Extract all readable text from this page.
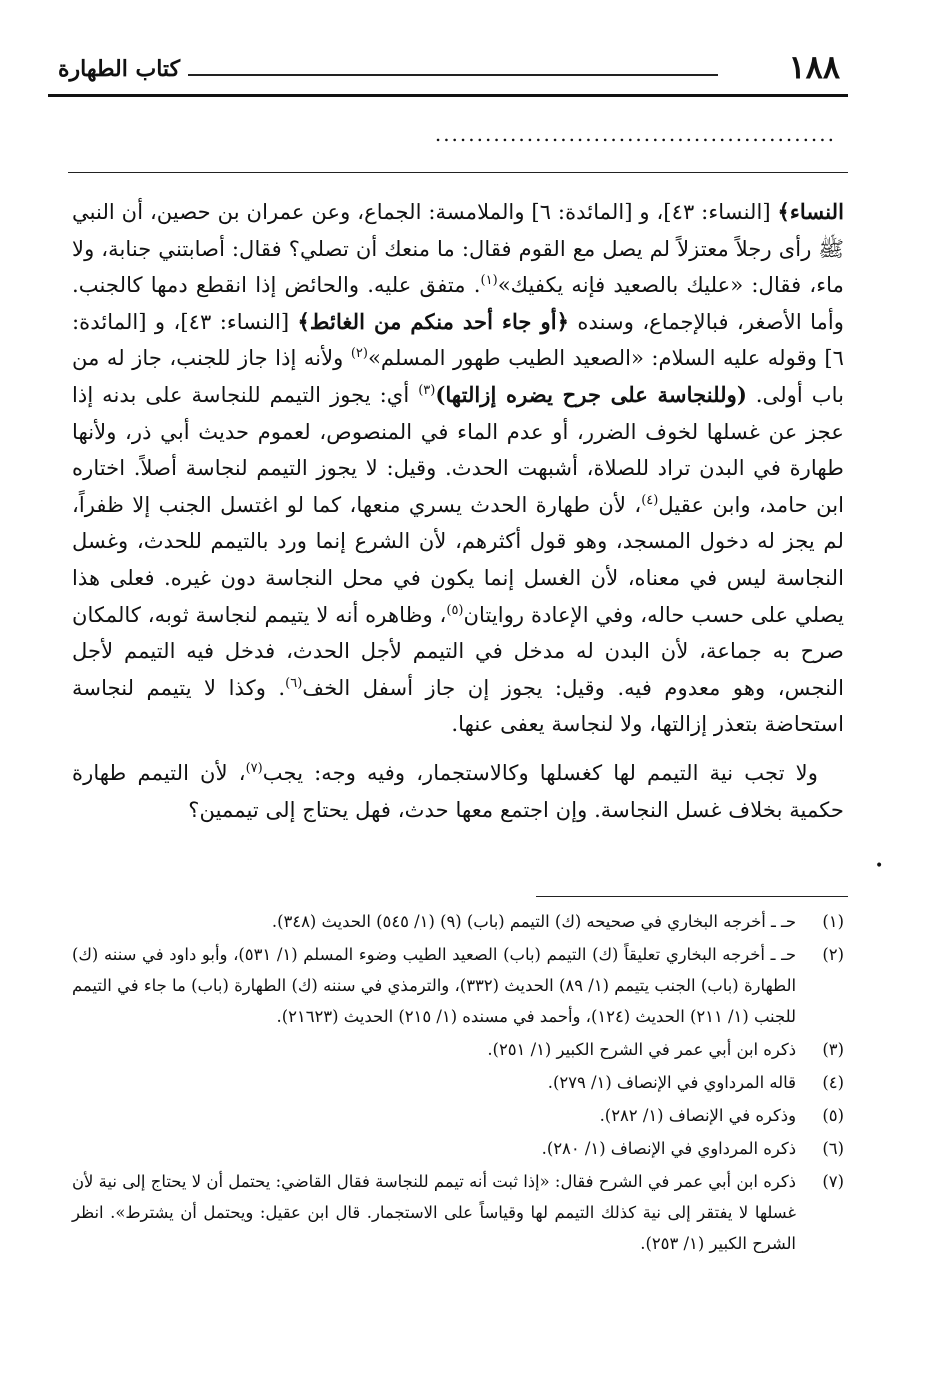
كتاب الطهارة	١٨٨
................................................

النساء﴾ [النساء: ٤٣]، و [المائدة: ٦] والملامسة: الجماع، وعن عمران بن حصين، أن النبي ﷺ رأى رجلاً معتزلاً لم يصل مع القوم فقال: ما منعك أن تصلي؟ فقال: أصابتني جنابة، ولا ماء، فقال: «عليك بالصعيد فإنه يكفيك»$^{(١)}$. متفق عليه. والحائض إذا انقطع دمها كالجنب. وأما الأصغر، فبالإجماع، وسنده ﴿أو جاء أحد منكم من الغائط﴾ [النساء: ٤٣]، و [المائدة: ٦] وقوله عليه السلام: «الصعيد الطيب طهور المسلم»$^{(٢)}$ ولأنه إذا جاز للجنب، جاز له من باب أولى. (وللنجاسة على جرح يضره إزالتها)$^{(٣)}$ أي: يجوز التيمم للنجاسة على بدنه إذا عجز عن غسلها لخوف الضرر، أو عدم الماء في المنصوص، لعموم حديث أبي ذر، ولأنها طهارة في البدن تراد للصلاة، أشبهت الحدث. وقيل: لا يجوز التيمم لنجاسة أصلاً. اختاره ابن حامد، وابن عقيل$^{(٤)}$، لأن طهارة الحدث يسري منعها، كما لو اغتسل الجنب إلا ظفراً، لم يجز له دخول المسجد، وهو قول أكثرهم، لأن الشرع إنما ورد بالتيمم للحدث، وغسل النجاسة ليس في معناه، لأن الغسل إنما يكون في محل النجاسة دون غيره. فعلى هذا يصلي على حسب حاله، وفي الإعادة روايتان$^{(٥)}$، وظاهره أنه لا يتيمم لنجاسة ثوبه، كالمكان صرح به جماعة، لأن البدن له مدخل في التيمم لأجل الحدث، فدخل فيه التيمم لأجل النجس، وهو معدوم فيه. وقيل: يجوز إن جاز أسفل الخف$^{(٦)}$. وكذا لا يتيمم لنجاسة استحاضة بتعذر إزالتها، ولا لنجاسة يعفى عنها.

ولا تجب نية التيمم لها كغسلها وكالاستجمار، وفيه وجه: يجب$^{(٧)}$، لأن التيمم طهارة حكمية بخلاف غسل النجاسة. وإن اجتمع معها حدث، فهل يحتاج إلى تيممين؟

•
(١)
حـ ـ أخرجه البخاري في صحيحه (ك) التيمم (باب) (٩) (١/ ٥٤٥) الحديث (٣٤٨).
(٢)
حـ ـ أخرجه البخاري تعليقاً (ك) التيمم (باب) الصعيد الطيب وضوء المسلم (١/ ٥٣١)، وأبو داود في سننه (ك) الطهارة (باب) الجنب يتيمم (١/ ٨٩) الحديث (٣٣٢)، والترمذي في سننه (ك) الطهارة (باب) ما جاء في التيمم للجنب (١/ ٢١١) الحديث (١٢٤)، وأحمد في مسنده (١/ ٢١٥) الحديث (٢١٦٢٣).
(٣)
ذكره ابن أبي عمر في الشرح الكبير (١/ ٢٥١).
(٤)
قاله المرداوي في الإنصاف (١/ ٢٧٩).
(٥)
وذكره في الإنصاف (١/ ٢٨٢).
(٦)
ذكره المرداوي في الإنصاف (١/ ٢٨٠).
(٧)
ذكره ابن أبي عمر في الشرح فقال: «إذا ثبت أنه تيمم للنجاسة فقال القاضي: يحتمل أن لا يحتاج إلى نية لأن غسلها لا يفتقر إلى نية كذلك التيمم لها وقياساً على الاستجمار. قال ابن عقيل: ويحتمل أن يشترط». انظر الشرح الكبير (١/ ٢٥٣).
